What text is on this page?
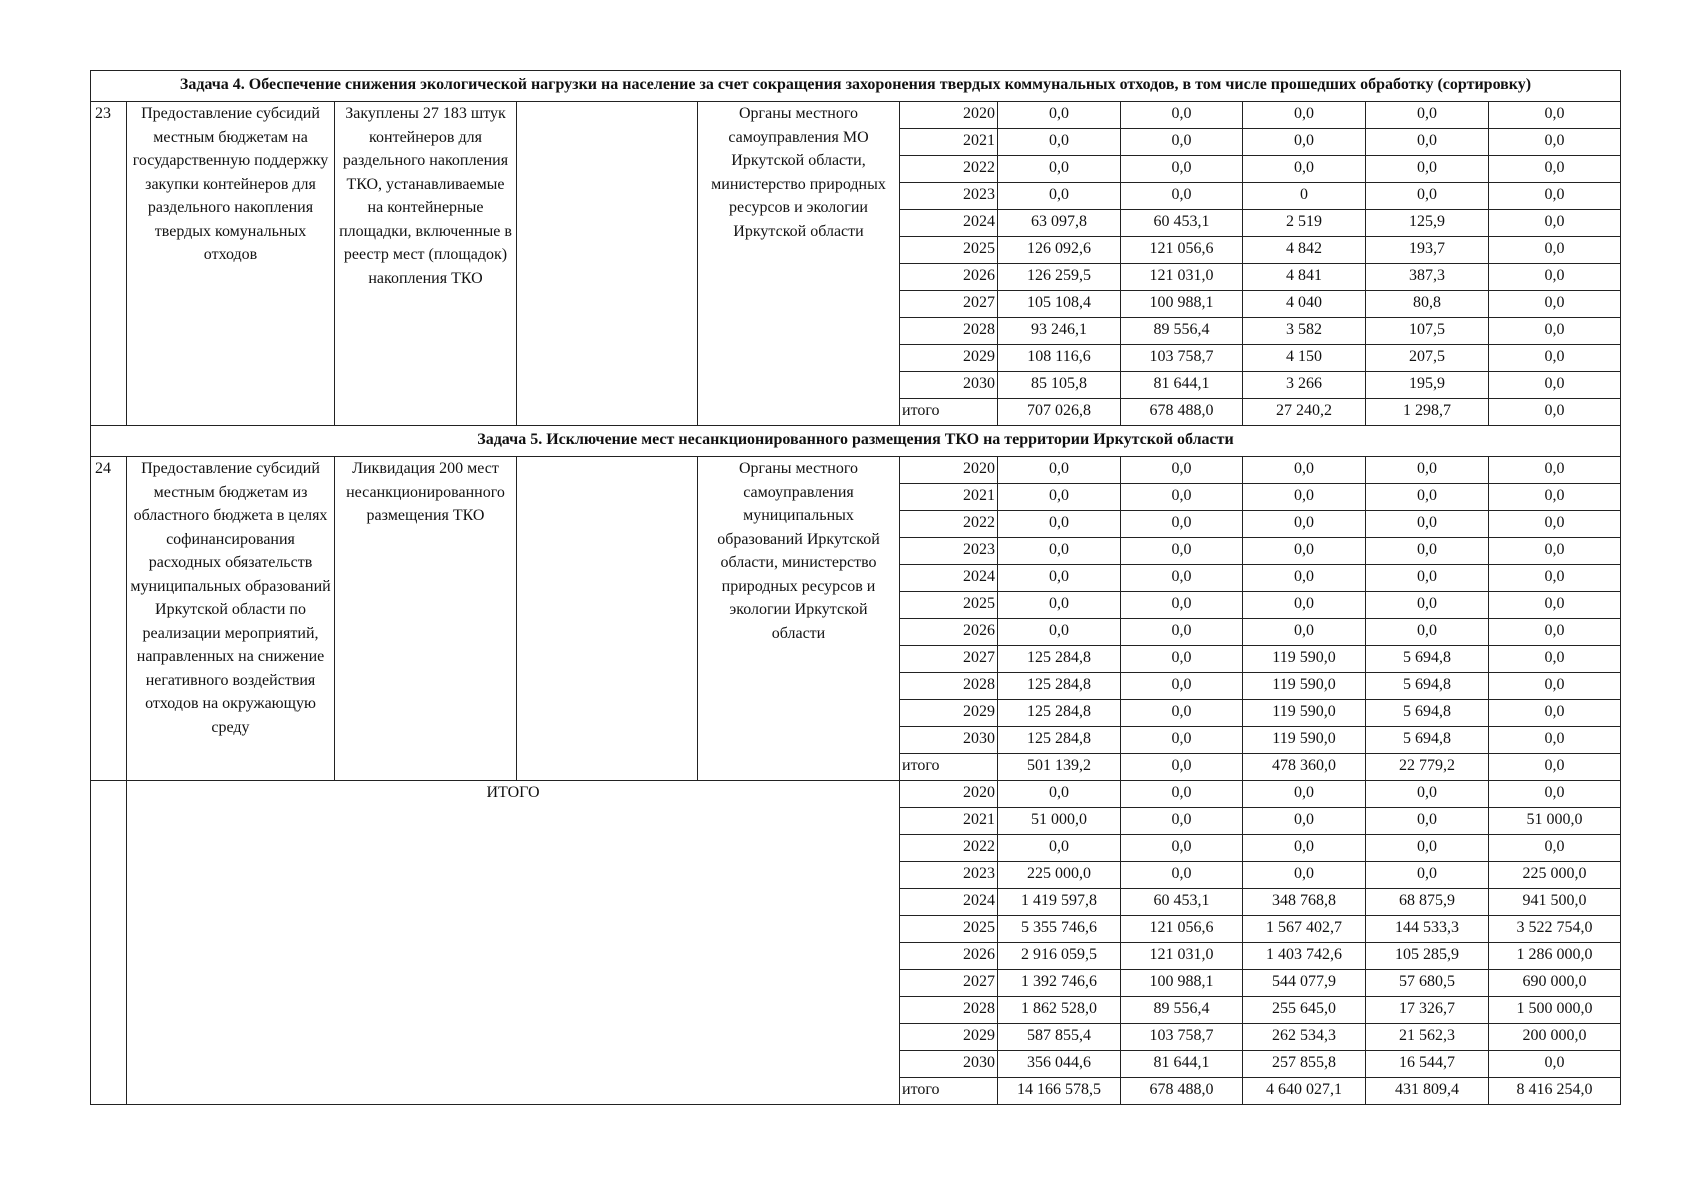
Задача 4. Обеспечение снижения экологической нагрузки на население за счет сокращения захоронения твердых коммунальных отходов, в том числе прошедших обработку (сортировку)										
23	Предоставление субсидий местным бюджетам на государственную поддержку закупки контейнеров для раздельного накопления твердых комунальных отходов	Закуплены 27 183 штук контейнеров для раздельного накопления ТКО, устанавливаемые на контейнерные площадки, включенные в реестр мест (площадок) накопления ТКО		Органы местного самоуправления МО Иркутской области, министерство природных ресурсов и экологии Иркутской области	2020	0,0	0,0	0,0	0,0	0,0
					2021	0,0	0,0	0,0	0,0	0,0
					2022	0,0	0,0	0,0	0,0	0,0
					2023	0,0	0,0	0	0,0	0,0
					2024	63 097,8	60 453,1	2 519	125,9	0,0
					2025	126 092,6	121 056,6	4 842	193,7	0,0
					2026	126 259,5	121 031,0	4 841	387,3	0,0
					2027	105 108,4	100 988,1	4 040	80,8	0,0
					2028	93 246,1	89 556,4	3 582	107,5	0,0
					2029	108 116,6	103 758,7	4 150	207,5	0,0
					2030	85 105,8	81 644,1	3 266	195,9	0,0
					итого	707 026,8	678 488,0	27 240,2	1 298,7	0,0
Задача 5. Исключение мест несанкционированного размещения ТКО на территории Иркутской области										
24	Предоставление субсидий местным бюджетам из областного бюджета в целях софинансирования расходных обязательств муниципальных образований Иркутской области по реализации мероприятий, направленных на снижение негативного воздействия отходов на окружающую среду	Ликвидация 200 мест несанкционированного размещения ТКО		Органы местного самоуправления муниципальных образований Иркутской области, министерство природных ресурсов и экологии Иркутской области	2020	0,0	0,0	0,0	0,0	0,0
					2021	0,0	0,0	0,0	0,0	0,0
					2022	0,0	0,0	0,0	0,0	0,0
					2023	0,0	0,0	0,0	0,0	0,0
					2024	0,0	0,0	0,0	0,0	0,0
					2025	0,0	0,0	0,0	0,0	0,0
					2026	0,0	0,0	0,0	0,0	0,0
					2027	125 284,8	0,0	119 590,0	5 694,8	0,0
					2028	125 284,8	0,0	119 590,0	5 694,8	0,0
					2029	125 284,8	0,0	119 590,0	5 694,8	0,0
					2030	125 284,8	0,0	119 590,0	5 694,8	0,0
					итого	501 139,2	0,0	478 360,0	22 779,2	0,0
	ИТОГО				2020	0,0	0,0	0,0	0,0	0,0
					2021	51 000,0	0,0	0,0	0,0	51 000,0
					2022	0,0	0,0	0,0	0,0	0,0
					2023	225 000,0	0,0	0,0	0,0	225 000,0
					2024	1 419 597,8	60 453,1	348 768,8	68 875,9	941 500,0
					2025	5 355 746,6	121 056,6	1 567 402,7	144 533,3	3 522 754,0
					2026	2 916 059,5	121 031,0	1 403 742,6	105 285,9	1 286 000,0
					2027	1 392 746,6	100 988,1	544 077,9	57 680,5	690 000,0
					2028	1 862 528,0	89 556,4	255 645,0	17 326,7	1 500 000,0
					2029	587 855,4	103 758,7	262 534,3	21 562,3	200 000,0
					2030	356 044,6	81 644,1	257 855,8	16 544,7	0,0
					итого	14 166 578,5	678 488,0	4 640 027,1	431 809,4	8 416 254,0
